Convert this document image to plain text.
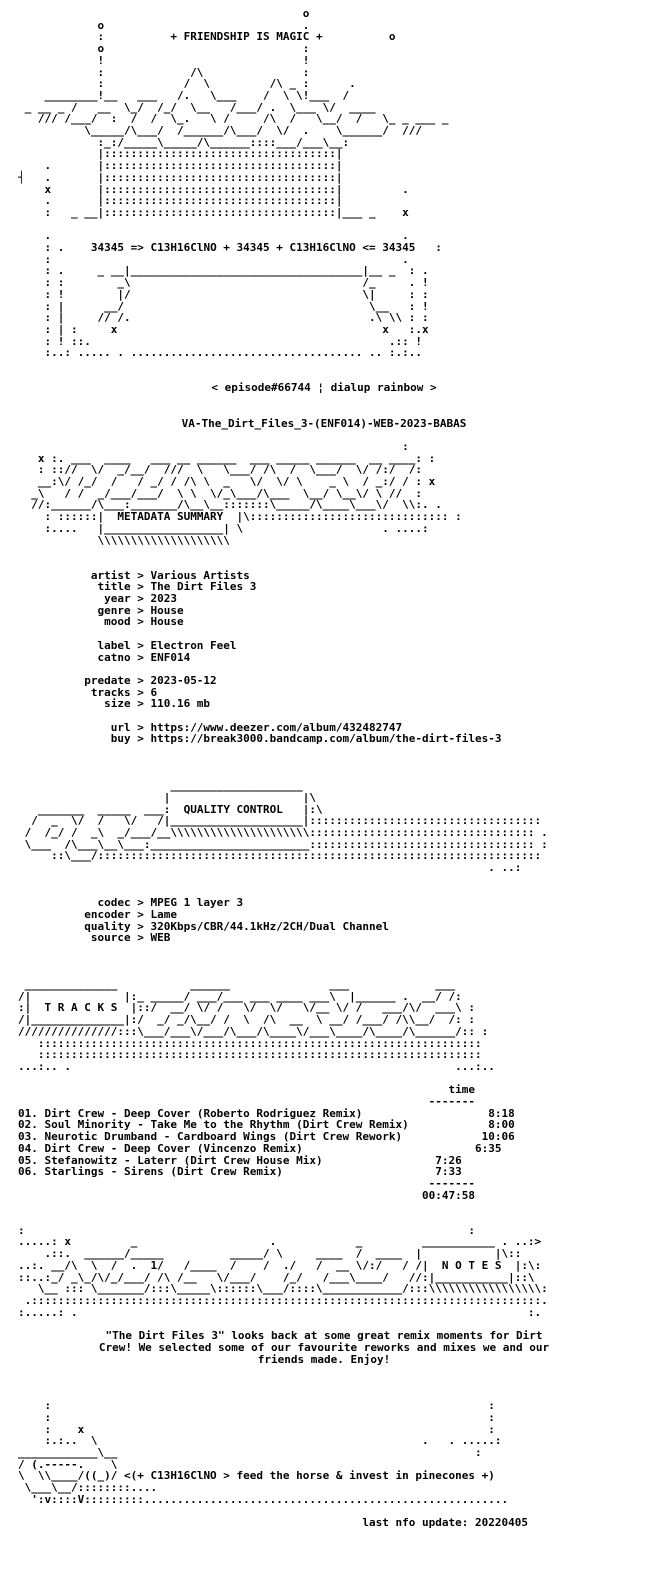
o
o                              .
:          + FRIENDSHIP IS MAGIC +          o
o                              :
!                              !
:             /\               :
:            /  \         /\ _ :      .
________!__   ___   /.   \___    /  \ \!___  /
_ __ _ /   __  \_/  /_/  \__   /___/ .  \___ \/  ____
/// /___/  :  /  /  \_.   \ /     /\  /   \__/  /   \_ _ ___ _
\_____/\___/  /______/\___/  \/  .    \______/  ///
:_:/_____\_____/\______::::___/___\__:
|:::::::::::::::::::::::::::::::::::|
.       |:::::::::::::::::::::::::::::::::::|
┤   .       |:::::::::::::::::::::::::::::::::::|
x       |:::::::::::::::::::::::::::::::::::|         .
.       |:::::::::::::::::::::::::::::::::::|
:   _ __|:::::::::::::::::::::::::::::::::::|___ _    x
.                                                     .
: .    34345 => C13H16ClNO + 34345 + C13H16ClNO <= 34345   :
:                                                     .
: .     _ __|___________________________________|__ _  : .
: :        _\                                   /_     . !
: !        |/                                   \|     : :
: |      __/                                     \__   : !
: |     // /.                                    .\ \\ : :
: | :     x                                        x   :.x
: ! ::.                                             .:: !
:..: ..... . ................................... .. :.:..
< episode#66744 ¦ dialup rainbow >
VA-The_Dirt_Files_3-(ENF014)-WEB-2023-BABAS
:
x :. ___  ____   ___ __ ______  ___ _____ ______  __ ____: :
: :://  \/  _/__/  ///  \   \___/ /\  /  \___/  \/ /:/  /:
__:\/ /_/  /   / _/ / /\ \  _   \/  \/ \    _ \  / _:/ / : x
_\   / /  _/___/___/  \ \  \/_\___/\___  \__/ \__\/ \ //  :
//:______/\___:_______/\__\__:::::::\_____/\____\___\/  \\:. .
: ::::::|  METADATA SUMMARY  |\:::::::::::::::::::::::::::::: :
:....   |__________________| \                     . ....:
\\\\\\\\\\\\\\\\\\\\
artist > Various Artists
title > The Dirt Files 3
year > 2023
genre > House
mood > House
label > Electron Feel
catno > ENF014
predate > 2023-05-12
tracks > 6
size > 110.16 mb
url > https://www.deezer.com/album/432482747
buy > https://break3000.bandcamp.com/album/the-dirt-files-3
____________________
|                    |\
_______  _____  ___:  QUALITY CONTROL   |:\
/  _  \/  /   \/   /|____________________|:::::::::::::::::::::::::::::::::::
/  /_/ /  _\  _/___/__\\\\\\\\\\\\\\\\\\\\\:::::::::::::::::::::::::::::::::: .
\___  /\___\__\___:________________________:::::::::::::::::::::::::::::::::: :
::\___/:::::::::::::::::::::::::::::::::::::::::::::::::::::::::::::::::::
. ..:
codec > MPEG 1 layer 3
encoder > Lame
quality > 320Kbps/CBR/44.1kHz/2CH/Dual Channel
source > WEB
______________           ______               ___             ___
/|              |:_ _____/ ___/___ ___ ____ ___\  |______ .  __/ /:
:|  T R A C K S  |::/  __/ \/ /   \/  \/   \/__ \/ /   ___/\/  ___\ :
/|______________|:/  _/ _/\__/ /  \  /\  __  \ __/ /___/ /\\__/  /: :
///////////////:::\___/___\/___/\___/\____\/___\____/\____/\______/:: :
:::::::::::::::::::::::::::::::::::::::::::::::::::::::::::::::::::
:::::::::::::::::::::::::::::::::::::::::::::::::::::::::::::::::::
...:.. .                                                          ...:..
time
-------
01. Dirt Crew - Deep Cover (Roberto Rodriguez Remix)	8:18
02. Soul Minority - Take Me to the Rhythm (Dirt Crew Remix)	8:00
03. Neurotic Drumband - Cardboard Wings (Dirt Crew Rework)	10:06
04. Dirt Crew - Deep Cover (Vincenzo Remix)	6:35
05. Stefanowitz - Laterr (Dirt Crew House Mix)	7:26
06. Starlings - Sirens (Dirt Crew Remix)	7:33
-------
00:47:58
:                                                                   :
.....: x         _                    .            _         ___________ . ..:>
.::.  ______/_____          _____/ \     ____  /  ____  |           |\::
..:. __/\  \  /  .  1/   /____  /    /  ./   /  __ \/:/   / /|  N O T E S  |:\:
::..:_/ _\_/\/_/___/ /\ /__   \/___/    /_/   /___\____/   //:|___________|::\
\__ ::: \_______/:::\_____\::::::\___/::::\____________/:::\\\\\\\\\\\\\\\\\:
.:::::::::::::::::::::::::::::::::::::::::::::::::::::::::::::::::::::::::::::.
:.....: .                                                                    :.
"The Dirt Files 3" looks back at some great remix moments for Dirt
Crew! We selected some of our favourite reworks and mixes we and our
friends made. Enjoy!
:                                                                  :
:                                                                  :
:    x                                                             :
:.:..  \                                                 .   . .....:
____________\__                                                      :
/ (.-----.    \
\  \\____/((_)/ <(+ C13H16ClNO > feed the horse & invest in pinecones +)
\___\__/::::::::....
':v::::V:::::::::.......................................................
last nfo update: 20220405
